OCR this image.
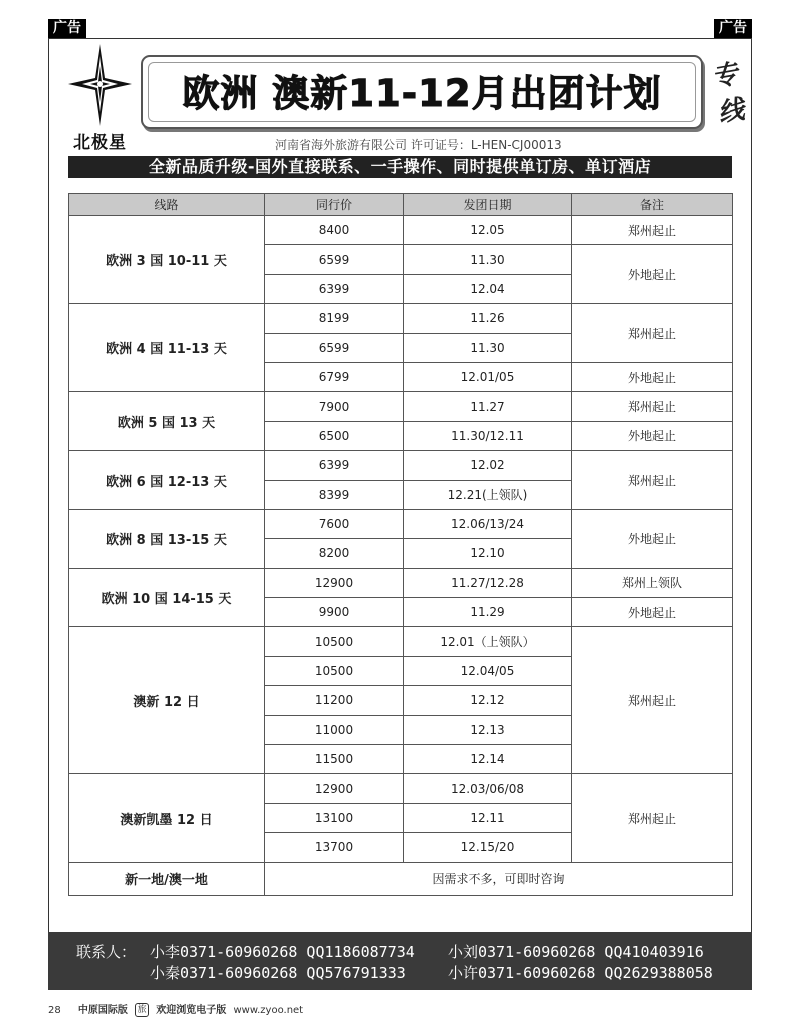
广告	广告
北极星
欧洲 澳新11-12月出团计划	专线
河南省海外旅游有限公司 许可证号：L-HEN-CJ00013
全新品质升级-国外直接联系、一手操作、同时提供单订房、单订酒店
线路	同行价	发团日期	备注
欧洲 3 国 10-11 天	8400	12.05	郑州起止
	6599	11.30	外地起止
	6399	12.04	
欧洲 4 国 11-13 天	8199	11.26	郑州起止
	6599	11.30	
	6799	12.01/05	外地起止
欧洲 5 国 13 天	7900	11.27	郑州起止
	6500	11.30/12.11	外地起止
欧洲 6 国 12-13 天	6399	12.02	郑州起止
	8399	12.21(上领队)	
欧洲 8 国 13-15 天	7600	12.06/13/24	外地起止
	8200	12.10	
欧洲 10 国 14-15 天	12900	11.27/12.28	郑州上领队
	9900	11.29	外地起止
澳新 12 日	10500	12.01（上领队）	郑州起止
	10500	12.04/05	
	11200	12.12	
	11000	12.13	
	11500	12.14	
澳新凯墨 12 日	12900	12.03/06/08	郑州起止
	13100	12.11	
	13700	12.15/20	
新一地/澳一地	因需求不多，可即时咨询		
联系人： 小李0371-60960268 QQ1186087734 小刘0371-60960268 QQ410403916
小秦0371-60960268 QQ576791333	小许0371-60960268 QQ2629388058
28 中原国际版 旅 欢迎浏览电子版 www.zyoo.net
